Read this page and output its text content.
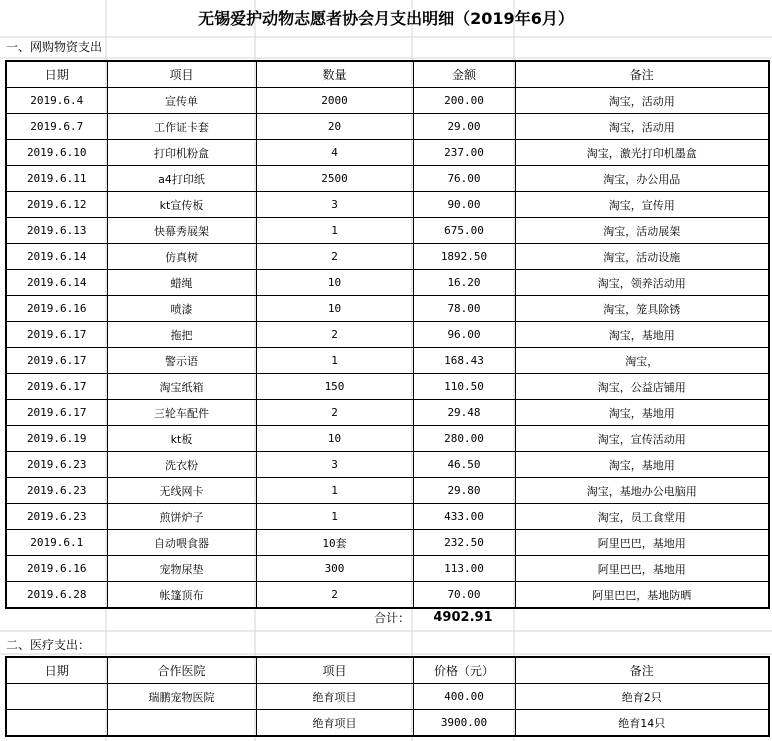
无锡爱护动物志愿者协会月支出明细（2019年6月）
一、网购物资支出
日期	项目	数量	金额	备注
2019.6.4	宣传单	2000	200.00	淘宝，活动用
2019.6.7	工作证卡套	20	29.00	淘宝，活动用
2019.6.10	打印机粉盒	4	237.00	淘宝，激光打印机墨盒
2019.6.11	a4打印纸	2500	76.00	淘宝，办公用品
2019.6.12	kt宣传板	3	90.00	淘宝，宣传用
2019.6.13	快幕秀展架	1	675.00	淘宝，活动展架
2019.6.14	仿真树	2	1892.50	淘宝，活动设施
2019.6.14	蜡绳	10	16.20	淘宝，领养活动用
2019.6.16	喷漆	10	78.00	淘宝，笼具除锈
2019.6.17	拖把	2	96.00	淘宝，基地用
2019.6.17	警示语	1	168.43	淘宝，
2019.6.17	淘宝纸箱	150	110.50	淘宝，公益店铺用
2019.6.17	三轮车配件	2	29.48	淘宝，基地用
2019.6.19	kt板	10	280.00	淘宝，宣传活动用
2019.6.23	洗衣粉	3	46.50	淘宝，基地用
2019.6.23	无线网卡	1	29.80	淘宝，基地办公电脑用
2019.6.23	煎饼炉子	1	433.00	淘宝，员工食堂用
2019.6.1	自动喂食器	10套	232.50	阿里巴巴，基地用
2019.6.16	宠物尿垫	300	113.00	阿里巴巴，基地用
2019.6.28	帐篷顶布	2	70.00	阿里巴巴，基地防晒
合计：	4902.91
二、医疗支出：
日期	合作医院	项目	价格（元）	备注
	瑞鹏宠物医院	绝育项目	400.00	绝育2只
		绝育项目	3900.00	绝育14只
